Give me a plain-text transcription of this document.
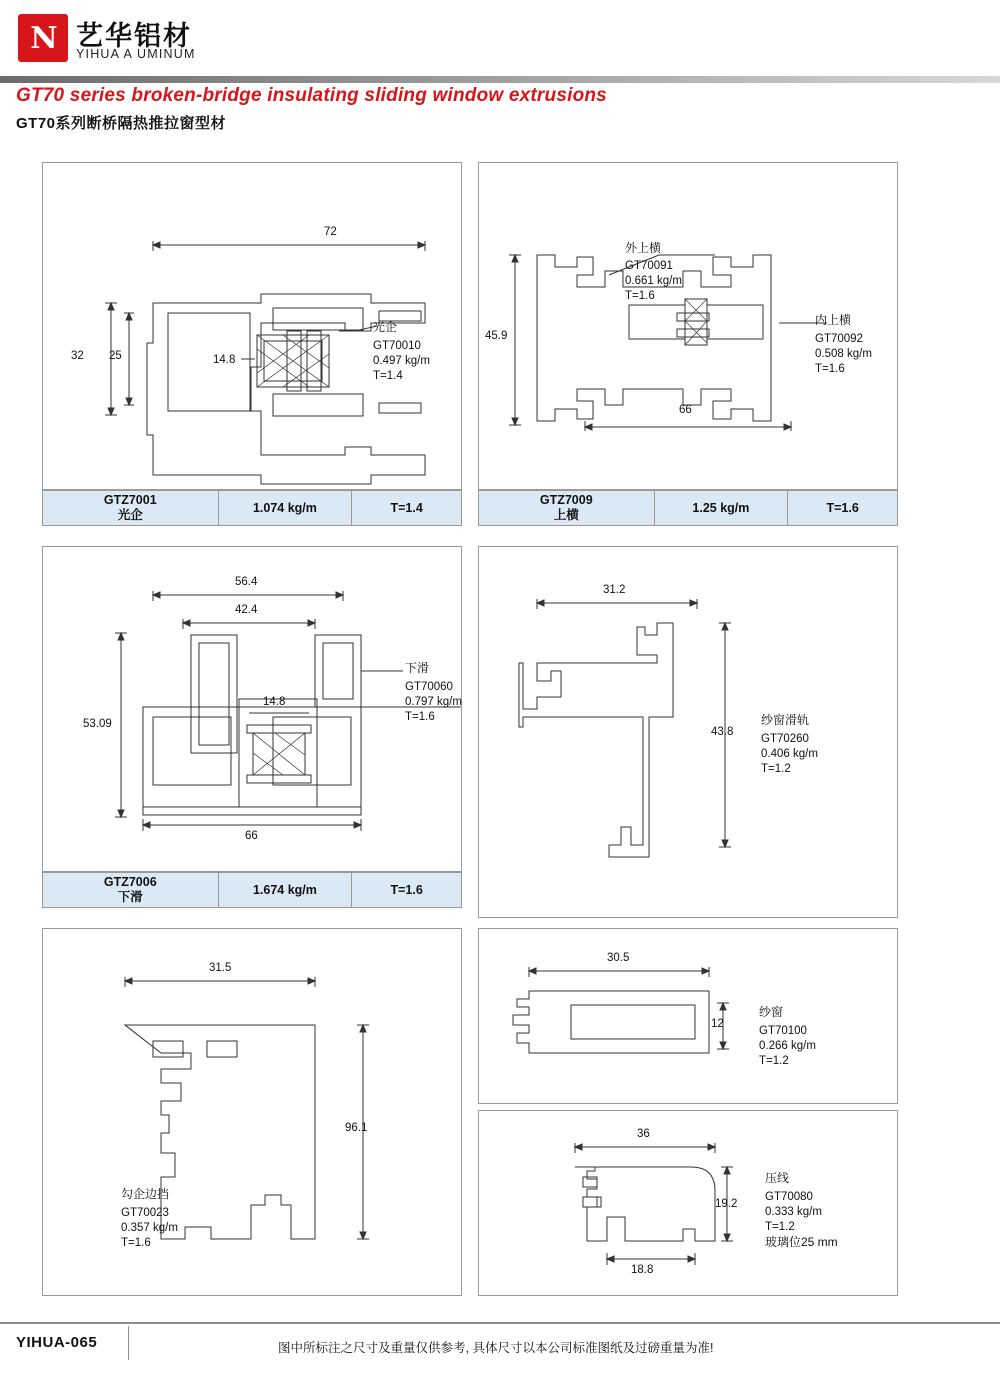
N 艺华铝材
YIHUA A UMINUM
GT70 series broken-bridge insulating sliding window extrusions
GT70系列断桥隔热推拉窗型材
72
32 25	14.8
光企
GT70010
0.497 kg/m
T=1.4
GTZ7001
光企	1.074 kg/m	T=1.4
45.9
66
外上横
GT70091
0.661 kg/m
T=1.6
内上横
GT70092
0.508 kg/m
T=1.6
GTZ7009
上横	1.25 kg/m	T=1.6
56.4
42.4
53.09
14.8
66
下滑
GT70060
0.797 kg/m
T=1.6
GTZ7006
下滑	1.674 kg/m	T=1.6
31.2
43.8
纱窗滑轨
GT70260
0.406 kg/m
T=1.2
31.5
96.1
勾企边挡
GT70023
0.357 kg/m
T=1.6
30.5
12
纱窗
GT70100
0.266 kg/m
T=1.2
36
19.2
18.8
压线
GT70080
0.333 kg/m
T=1.2
玻璃位25 mm
YIHUA-065	图中所标注之尺寸及重量仅供参考, 具体尺寸以本公司标准图纸及过磅重量为准!
